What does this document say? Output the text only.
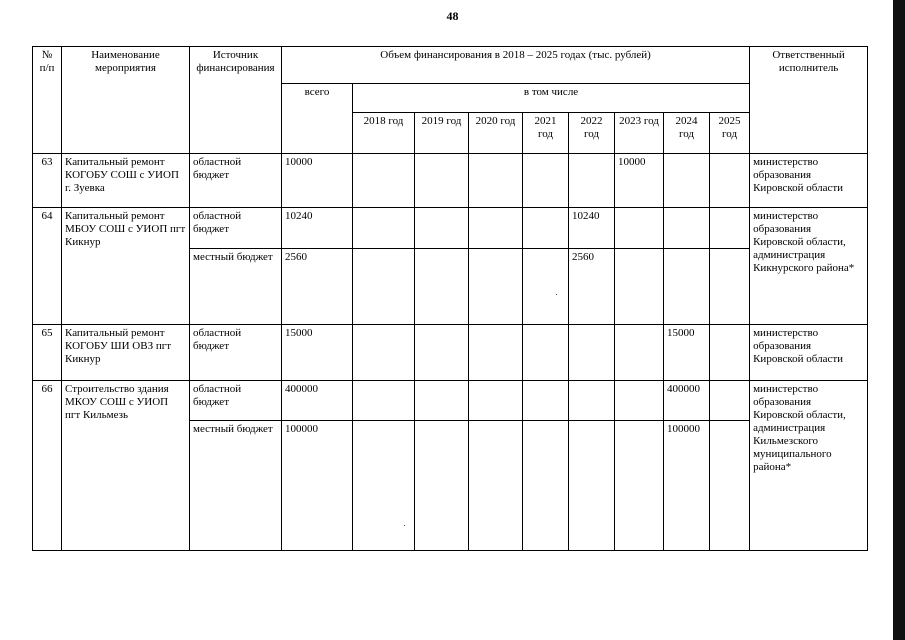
48
№ п/п	Наименование мероприятия	Источник финансирования	Объем финансирования в 2018 – 2025 годах (тыс. рублей)									Ответственный исполнитель
			всего	в том числе								
				2018 год	2019 год	2020 год	2021 год	2022 год	2023 год	2024 год	2025 год	
63	Капитальный ремонт КОГОБУ СОШ с УИОП г. Зуевка	областной бюджет	10000						10000			министерство образования Кировской области
64	Капитальный ремонт МБОУ СОШ с УИОП пгт Кикнур	областной бюджет	10240					10240				министерство образования Кировской области, администрация Кикнурского района*
		местный бюджет	2560					2560				
65	Капитальный ремонт КОГОБУ ШИ ОВЗ пгт Кикнур	областной бюджет	15000							15000		министерство образования Кировской области
66	Строительство здания МКОУ СОШ с УИОП пгт Кильмезь	областной бюджет	400000							400000		министерство образования Кировской области, администрация Кильмезского муниципального района*
		местный бюджет	100000							100000		
